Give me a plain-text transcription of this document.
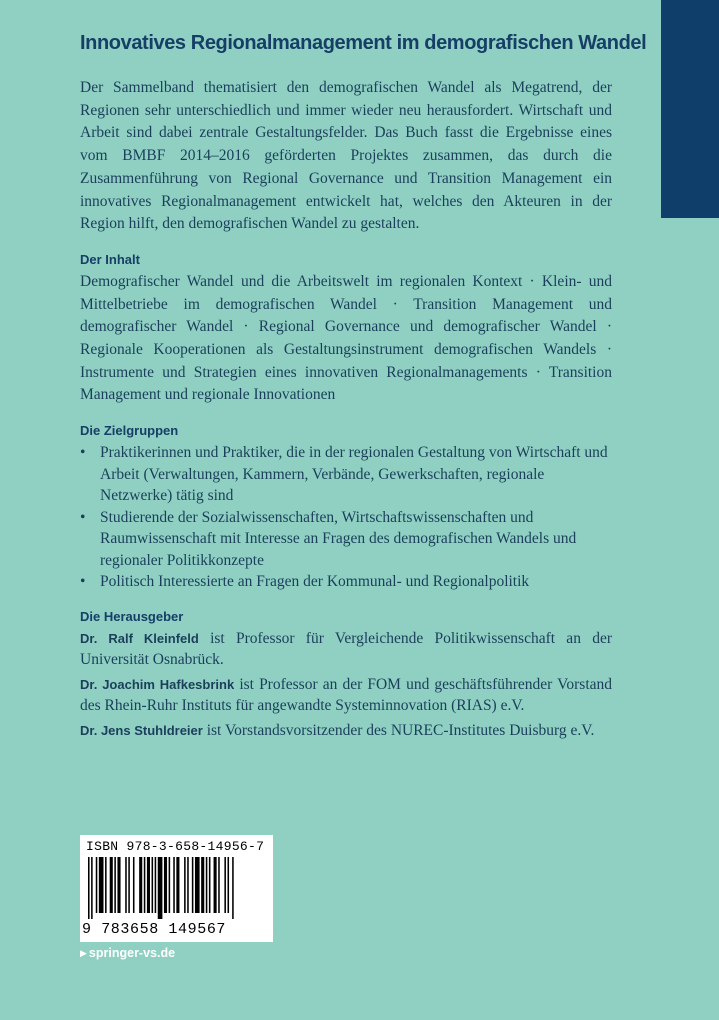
Innovatives Regionalmanagement im demografischen Wandel

Der Sammelband thematisiert den demografischen Wandel als Megatrend, der Regionen sehr unterschiedlich und immer wieder neu herausfordert. Wirtschaft und Arbeit sind dabei zentrale Gestaltungsfelder. Das Buch fasst die Ergebnisse eines vom BMBF 2014–2016 geförderten Projektes zusammen, das durch die Zusammenführung von Regional Governance und Transition Management ein innovatives Regionalmanagement entwickelt hat, welches den Akteuren in der Region hilft, den demografischen Wandel zu gestalten.

Der Inhalt

Demografischer Wandel und die Arbeitswelt im regionalen Kontext · Klein- und Mittelbetriebe im demografischen Wandel · Transition Management und demografischer Wandel · Regional Governance und demografischer Wandel · Regionale Kooperationen als Gestaltungsinstrument demografischen Wandels · Instrumente und Strategien eines innovativen Regionalmanagements · Transition Management und regionale Innovationen

Die Zielgruppen
• Praktikerinnen und Praktiker, die in der regionalen Gestaltung von Wirtschaft und Arbeit (Verwaltungen, Kammern, Verbände, Gewerkschaften, regionale Netzwerke) tätig sind
• Studierende der Sozialwissenschaften, Wirtschaftswissenschaften und Raumwissenschaft mit Interesse an Fragen des demografischen Wandels und regionaler Politikkonzepte
• Politisch Interessierte an Fragen der Kommunal- und Regionalpolitik
Die Herausgeber

Dr. Ralf Kleinfeld ist Professor für Vergleichende Politikwissenschaft an der Universität Osnabrück.

Dr. Joachim Hafkesbrink ist Professor an der FOM und geschäftsführender Vorstand des Rhein-Ruhr Instituts für angewandte Systeminnovation (RIAS) e.V.

Dr. Jens Stuhldreier ist Vorstandsvorsitzender des NUREC-Institutes Duisburg e.V.

ISBN 978-3-658-14956-7
9 783658 149567
▶ springer-vs.de
